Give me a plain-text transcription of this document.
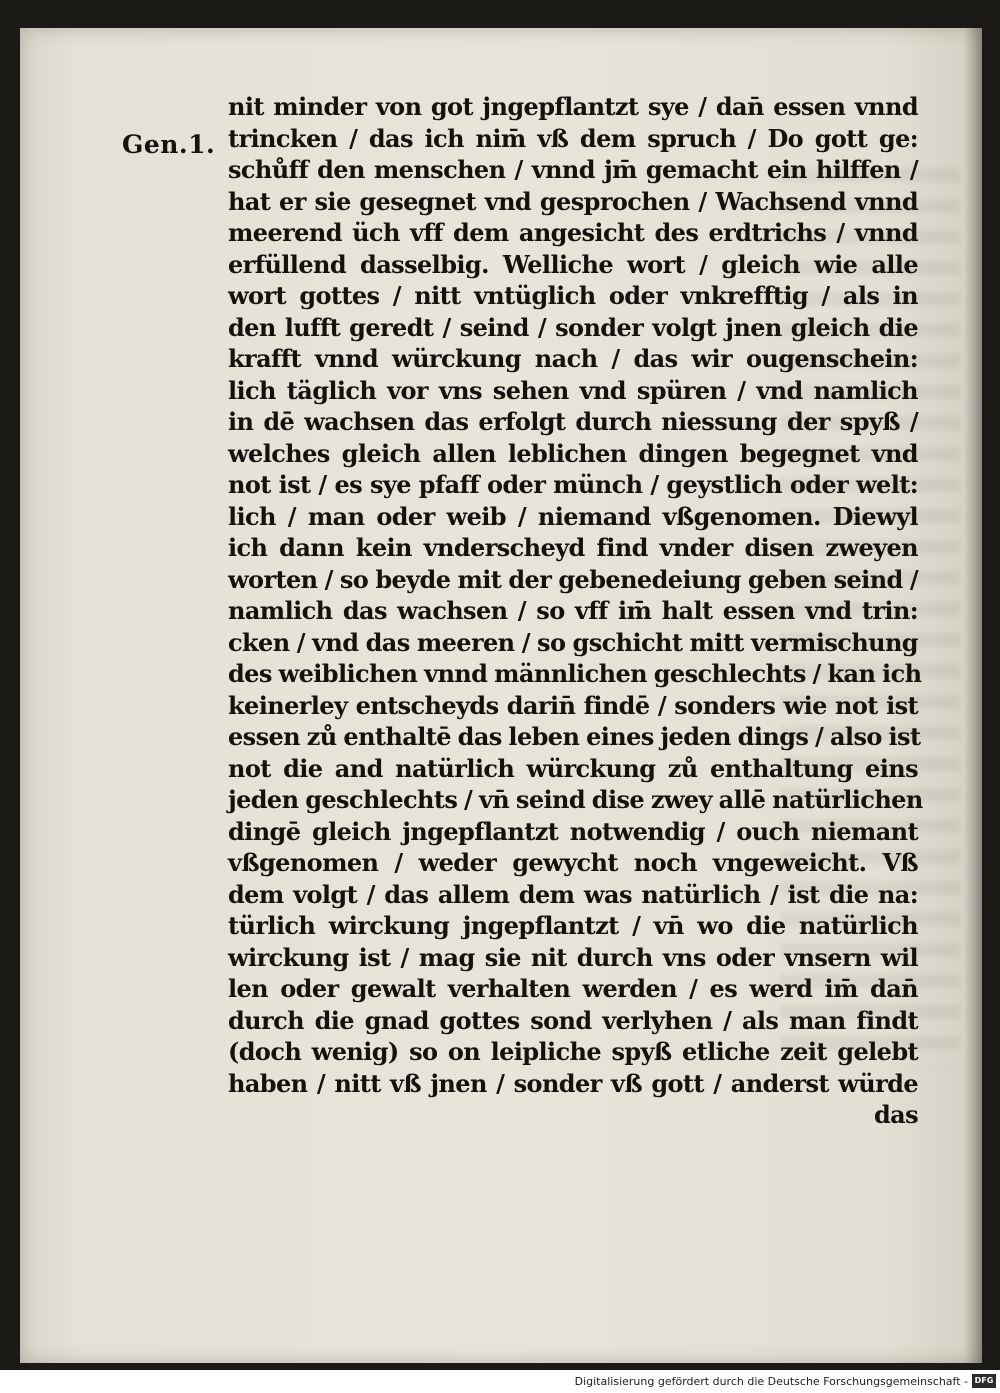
Gen.1.
nit minder von got jngepflantzt sye / dan̄ essen vnnd
trincken / das ich nim̄ vß dem spruch / Do gott ge:
schůff den menschen / vnnd jm̄ gemacht ein hilffen /
hat er sie gesegnet vnd gesprochen / Wachsend vnnd
meerend üch vff dem angesicht des erdtrichs / vnnd
erfüllend dasselbig. Welliche wort / gleich wie alle
wort gottes / nitt vntüglich oder vnkrefftig / als in
den lufft geredt / seind / sonder volgt jnen gleich die
krafft vnnd würckung nach / das wir ougenschein:
lich täglich vor vns sehen vnd spüren / vnd namlich
in dē wachsen das erfolgt durch niessung der spyß /
welches gleich allen leblichen dingen begegnet vnd
not ist / es sye pfaff oder münch / geystlich oder welt:
lich / man oder weib / niemand vßgenomen. Diewyl
ich dann kein vnderscheyd find vnder disen zweyen
worten / so beyde mit der gebenedeiung geben seind /
namlich das wachsen / so vff im̄ halt essen vnd trin:
cken / vnd das meeren / so gschicht mitt vermischung
des weiblichen vnnd männlichen geschlechts / kan ich
keinerley entscheyds darin̄ findē / sonders wie not ist
essen zů enthaltē das leben eines jeden dings / also ist
not die and natürlich würckung zů enthaltung eins
jeden geschlechts / vn̄ seind dise zwey allē natürlichen
dingē gleich jngepflantzt notwendig / ouch niemant
vßgenomen / weder gewycht noch vngeweicht. Vß
dem volgt / das allem dem was natürlich / ist die na:
türlich wirckung jngepflantzt / vn̄ wo die natürlich
wirckung ist / mag sie nit durch vns oder vnsern wil
len oder gewalt verhalten werden / es werd im̄ dan̄
durch die gnad gottes sond verlyhen / als man findt
(doch wenig) so on leipliche spyß etliche zeit gelebt
haben / nitt vß jnen / sonder vß gott / anderst würde
das
Digitalisierung gefördert durch die Deutsche Forschungsgemeinschaft - DFG
